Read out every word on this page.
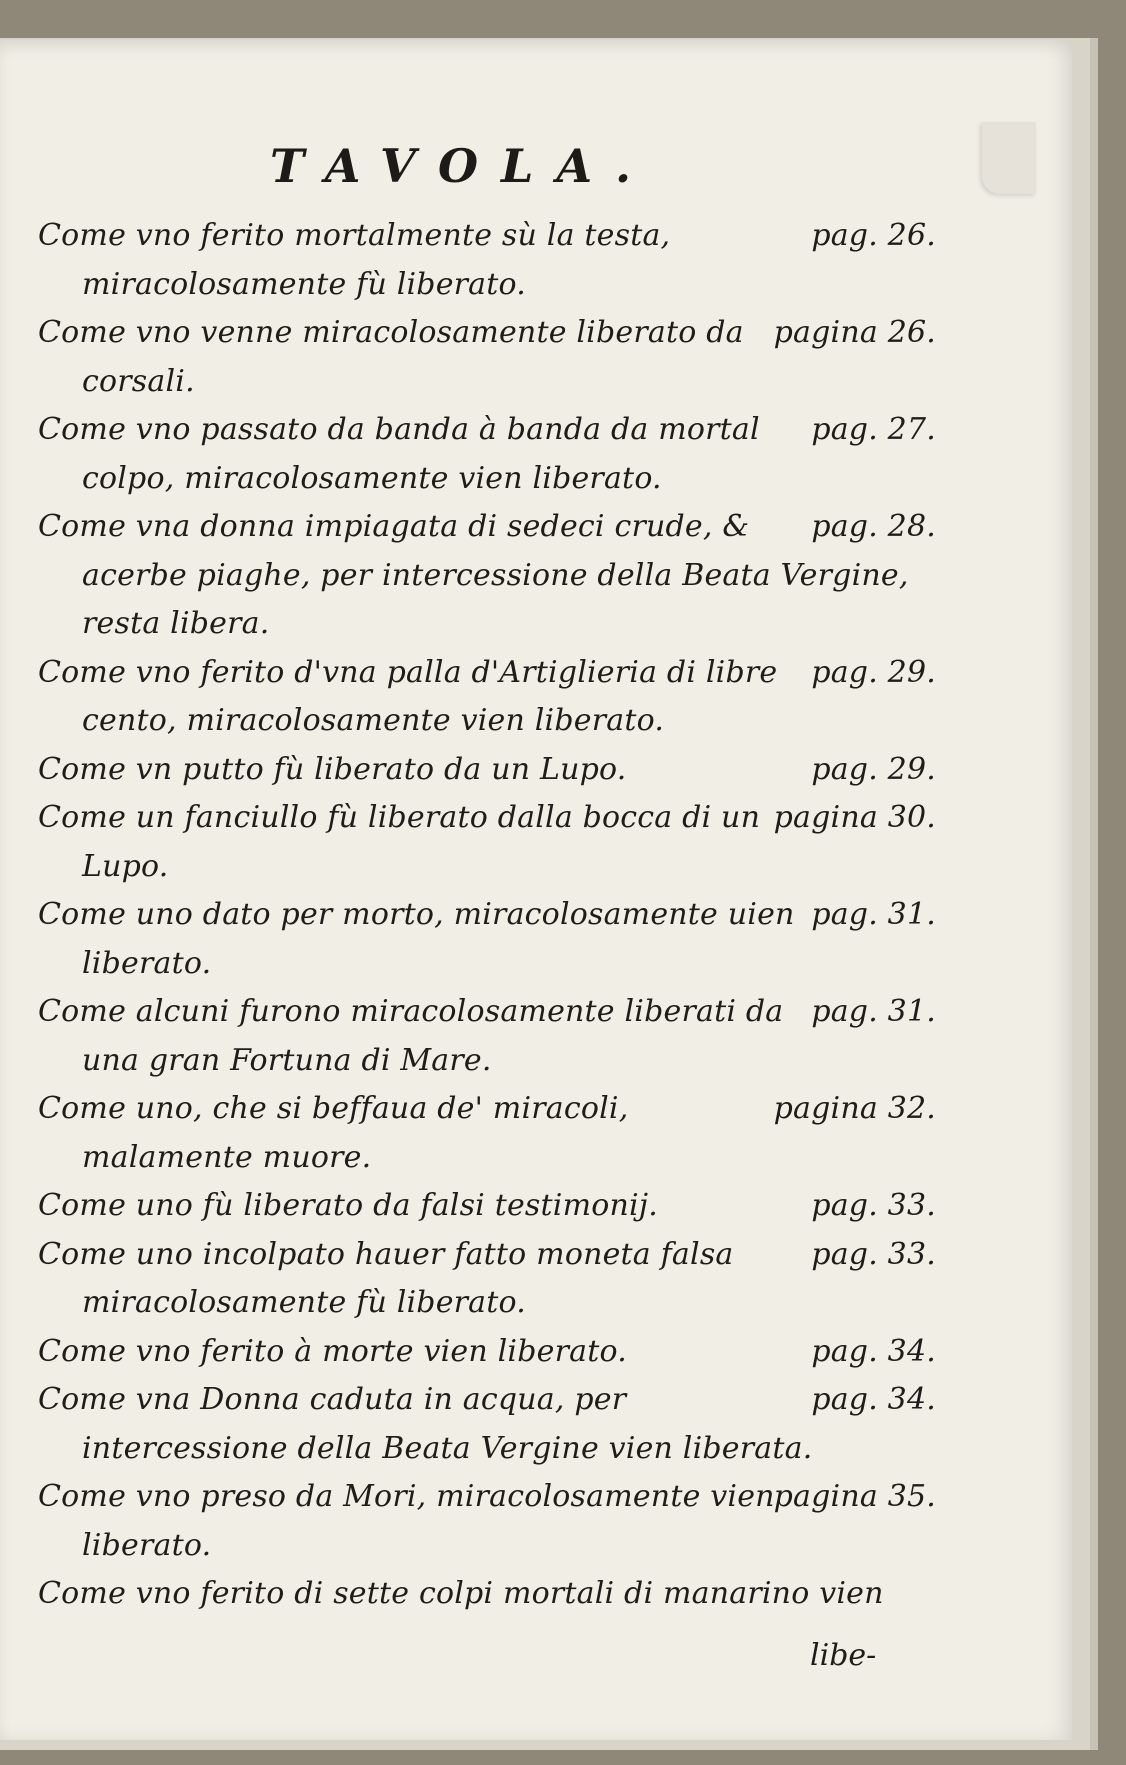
TAVOLA.
pag. 26.
Come vno ferito mortalmente sù la testa, miracolosamente fù liberato.
pagina 26.
Come vno venne miracolosamente liberato da corsali.
pag. 27.
Come vno passato da banda à banda da mortal colpo, miracolosamente vien liberato.
pag. 28.
Come vna donna impiagata di sedeci crude, & acerbe piaghe, per intercessione della Beata Vergine, resta libera.
pag. 29.
Come vno ferito d'vna palla d'Artiglieria di libre cento, miracolosamente vien liberato.
pag. 29.
Come vn putto fù liberato da un Lupo.
pagina 30.
Come un fanciullo fù liberato dalla bocca di un Lupo.
pag. 31.
Come uno dato per morto, miracolosamente uien liberato.
pag. 31.
Come alcuni furono miracolosamente liberati da una gran Fortuna di Mare.
pagina 32.
Come uno, che si beffaua de' miracoli, malamente muore.
pag. 33.
Come uno fù liberato da falsi testimonij.
pag. 33.
Come uno incolpato hauer fatto moneta falsa miracolosamente fù liberato.
pag. 34.
Come vno ferito à morte vien liberato.
pag. 34.
Come vna Donna caduta in acqua, per intercessione della Beata Vergine vien liberata.
pagina 35.
Come vno preso da Mori, miracolosamente vien liberato.
Come vno ferito di sette colpi mortali di manarino vien
libe-
